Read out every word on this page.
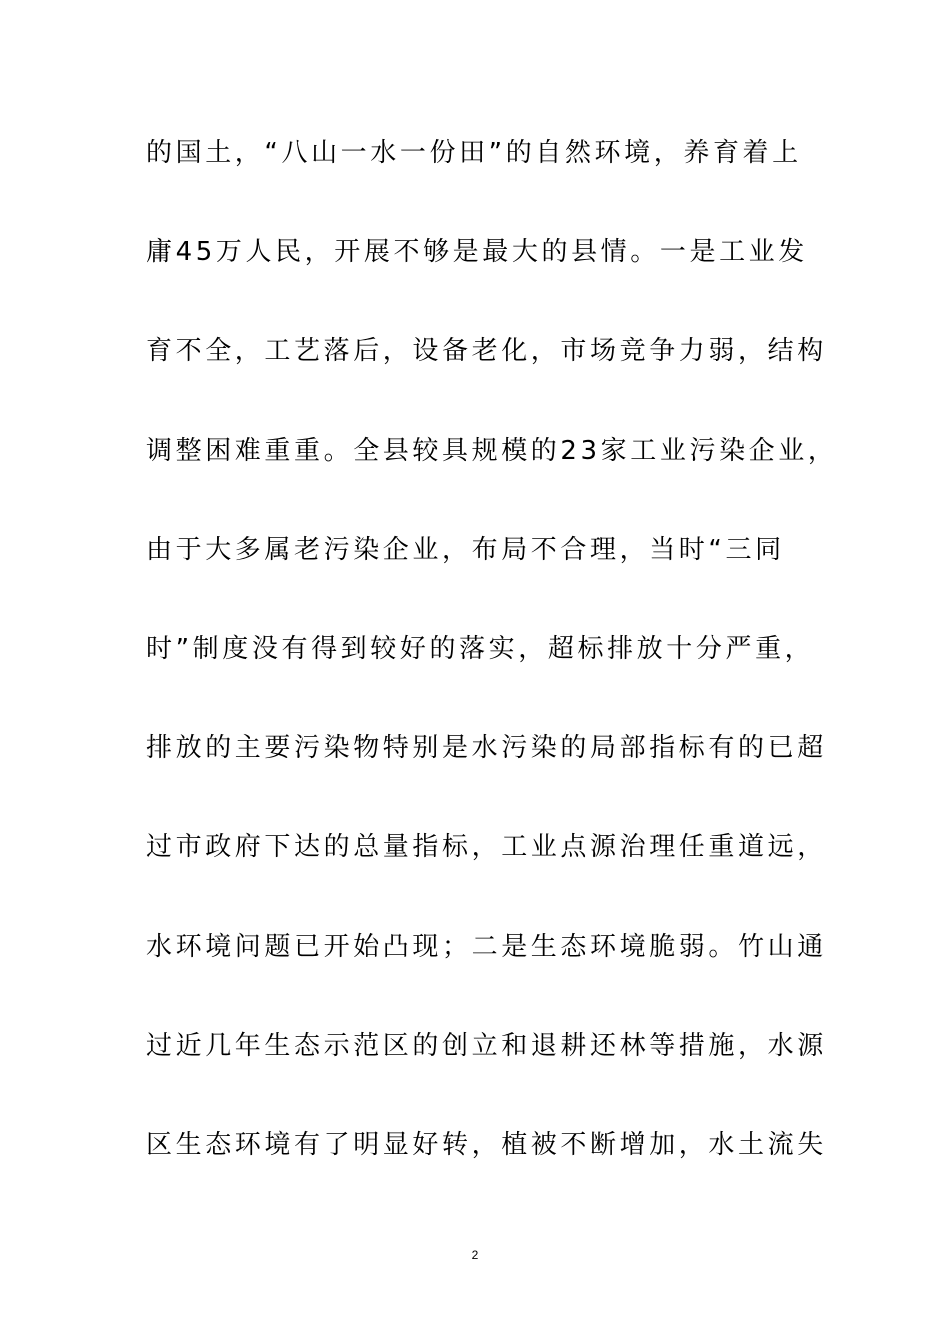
的国土，“八山一水一份田”的自然环境，养育着上
庸45万人民，开展不够是最大的县情。一是工业发
育不全，工艺落后，设备老化，市场竞争力弱，结构
调整困难重重。全县较具规模的23家工业污染企业，
由于大多属老污染企业，布局不合理，当时“三同
时”制度没有得到较好的落实，超标排放十分严重，
排放的主要污染物特别是水污染的局部指标有的已超
过市政府下达的总量指标，工业点源治理任重道远，
水环境问题已开始凸现；二是生态环境脆弱。竹山通
过近几年生态示范区的创立和退耕还林等措施，水源
区生态环境有了明显好转，植被不断增加，水土流失
2
